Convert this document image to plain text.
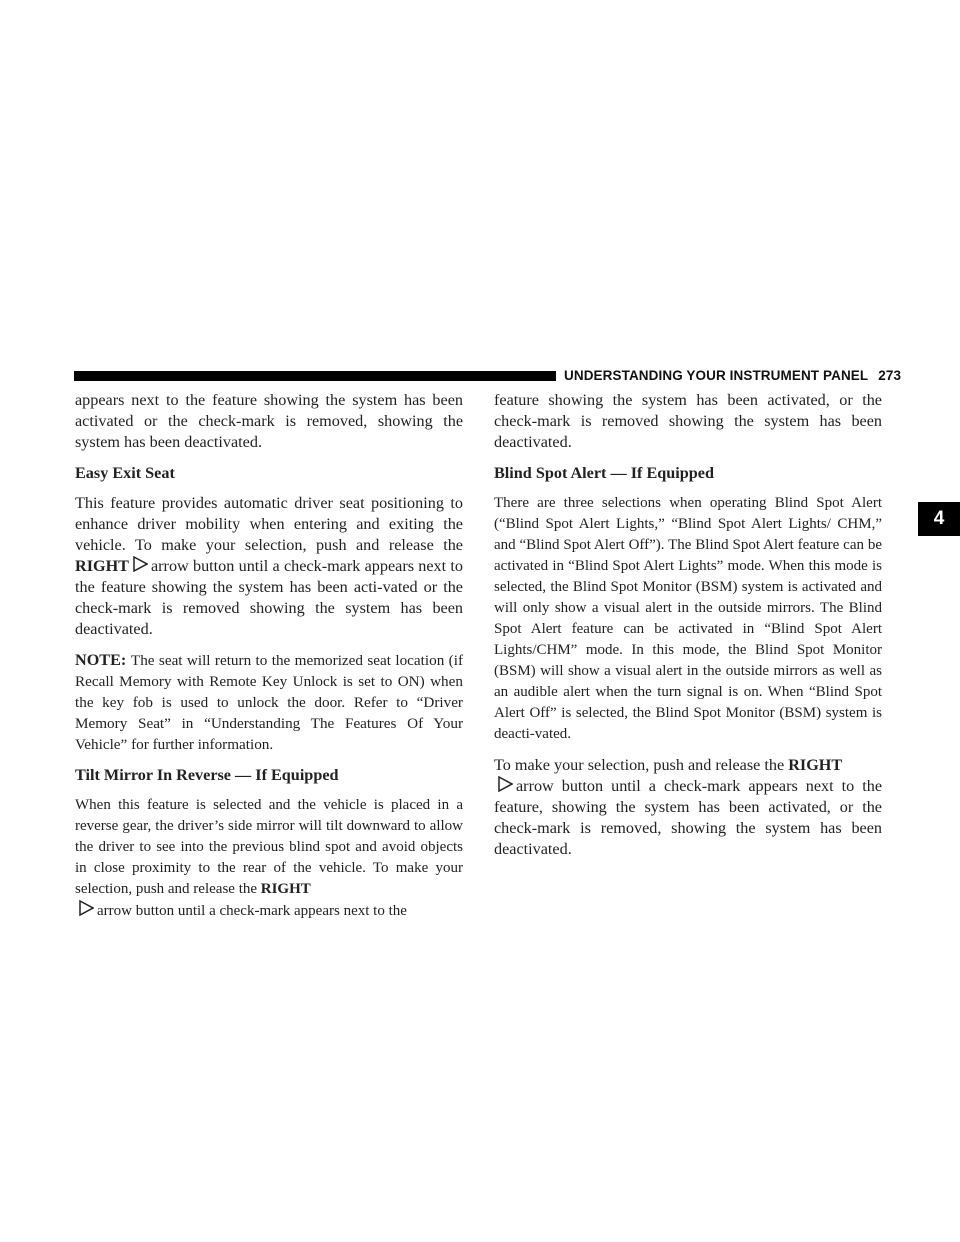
UNDERSTANDING YOUR INSTRUMENT PANEL 273
4

appears next to the feature showing the system has been activated or the check-mark is removed, showing the system has been deactivated.

Easy Exit Seat

This feature provides automatic driver seat positioning to enhance driver mobility when entering and exiting the vehicle. To make your selection, push and release the RIGHT arrow button until a check-mark appears next to the feature showing the system has been acti-vated or the check-mark is removed showing the system has been deactivated.

NOTE: The seat will return to the memorized seat location (if Recall Memory with Remote Key Unlock is set to ON) when the key fob is used to unlock the door. Refer to “Driver Memory Seat” in “Understanding The Features Of Your Vehicle” for further information.

Tilt Mirror In Reverse — If Equipped

When this feature is selected and the vehicle is placed in a reverse gear, the driver’s side mirror will tilt downward to allow the driver to see into the previous blind spot and avoid objects in close proximity to the rear of the vehicle. To make your selection, push and release the RIGHT
arrow button until a check-mark appears next to the

feature showing the system has been activated, or the check-mark is removed showing the system has been deactivated.

Blind Spot Alert — If Equipped

There are three selections when operating Blind Spot Alert (“Blind Spot Alert Lights,” “Blind Spot Alert Lights/ CHM,” and “Blind Spot Alert Off”). The Blind Spot Alert feature can be activated in “Blind Spot Alert Lights” mode. When this mode is selected, the Blind Spot Monitor (BSM) system is activated and will only show a visual alert in the outside mirrors. The Blind Spot Alert feature can be activated in “Blind Spot Alert Lights/CHM” mode. In this mode, the Blind Spot Monitor (BSM) will show a visual alert in the outside mirrors as well as an audible alert when the turn signal is on. When “Blind Spot Alert Off” is selected, the Blind Spot Monitor (BSM) system is deacti-vated.

To make your selection, push and release the RIGHT
arrow button until a check-mark appears next to the feature, showing the system has been activated, or the check-mark is removed, showing the system has been deactivated.
